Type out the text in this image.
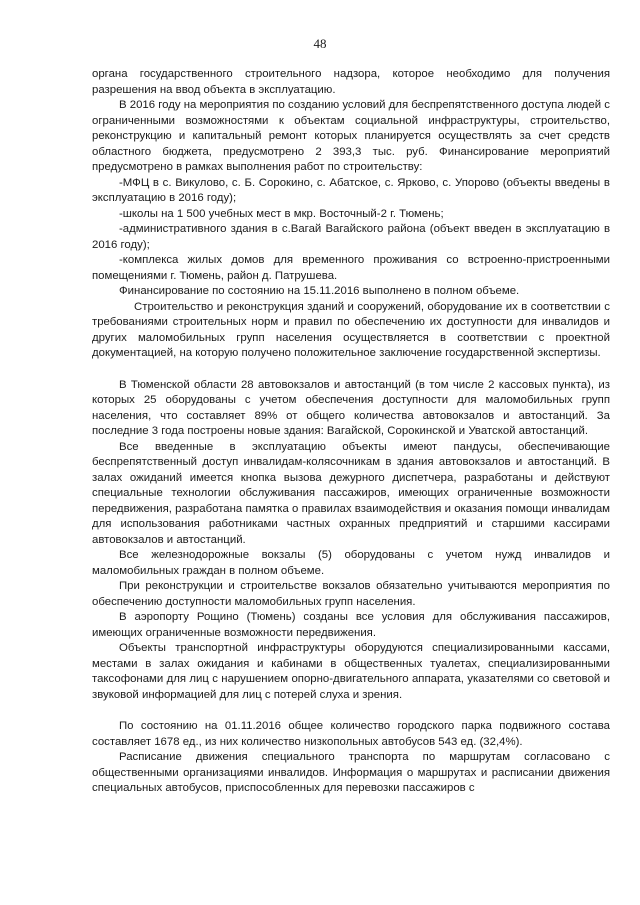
48

органа государственного строительного надзора, которое необходимо для получения разрешения на ввод объекта в эксплуатацию.

В 2016 году на мероприятия по созданию условий для беспрепятственного доступа людей с ограниченными возможностями к объектам социальной инфраструктуры, строительство, реконструкцию и капитальный ремонт которых планируется осуществлять за счет средств областного бюджета, предусмотрено 2 393,3 тыс. руб. Финансирование мероприятий предусмотрено в рамках выполнения работ по строительству:

-МФЦ в с. Викулово, с. Б. Сорокино, с. Абатское, с. Ярково, с. Упорово (объекты введены в эксплуатацию в 2016 году);

-школы на 1 500 учебных мест в мкр. Восточный-2 г. Тюмень;

-административного здания в с.Вагай Вагайского района (объект введен в эксплуатацию в 2016 году);

-комплекса жилых домов для временного проживания со встроенно-пристроенными помещениями г. Тюмень, район д. Патрушева.

Финансирование по состоянию на 15.11.2016 выполнено в полном объеме.

Строительство и реконструкция зданий и сооружений, оборудование их в соответствии с требованиями строительных норм и правил по обеспечению их доступности для инвалидов и других маломобильных групп населения осуществляется в соответствии с проектной документацией, на которую получено положительное заключение государственной экспертизы.

В Тюменской области 28 автовокзалов и автостанций (в том числе 2 кассовых пункта), из которых 25 оборудованы с учетом обеспечения доступности для маломобильных групп населения, что составляет 89% от общего количества автовокзалов и автостанций. За последние 3 года построены новые здания: Вагайской, Сорокинской и Уватской автостанций.

Все введенные в эксплуатацию объекты имеют пандусы, обеспечивающие беспрепятственный доступ инвалидам-колясочникам в здания автовокзалов и автостанций. В залах ожиданий имеется кнопка вызова дежурного диспетчера, разработаны и действуют специальные технологии обслуживания пассажиров, имеющих ограниченные возможности передвижения, разработана памятка о правилах взаимодействия и оказания помощи инвалидам для использования работниками частных охранных предприятий и старшими кассирами автовокзалов и автостанций.

Все железнодорожные вокзалы (5) оборудованы с учетом нужд инвалидов и маломобильных граждан в полном объеме.

При реконструкции и строительстве вокзалов обязательно учитываются мероприятия по обеспечению доступности маломобильных групп населения.

В аэропорту Рощино (Тюмень) созданы все условия для обслуживания пассажиров, имеющих ограниченные возможности передвижения.

Объекты транспортной инфраструктуры оборудуются специализированными кассами, местами в залах ожидания и кабинами в общественных туалетах, специализированными таксофонами для лиц с нарушением опорно-двигательного аппарата, указателями со световой и звуковой информацией для лиц с потерей слуха и зрения.

По состоянию на 01.11.2016 общее количество городского парка подвижного состава составляет 1678 ед., из них количество низкопольных автобусов 543 ед. (32,4%).

Расписание движения специального транспорта по маршрутам согласовано с общественными организациями инвалидов. Информация о маршрутах и расписании движения специальных автобусов, приспособленных для перевозки пассажиров с
